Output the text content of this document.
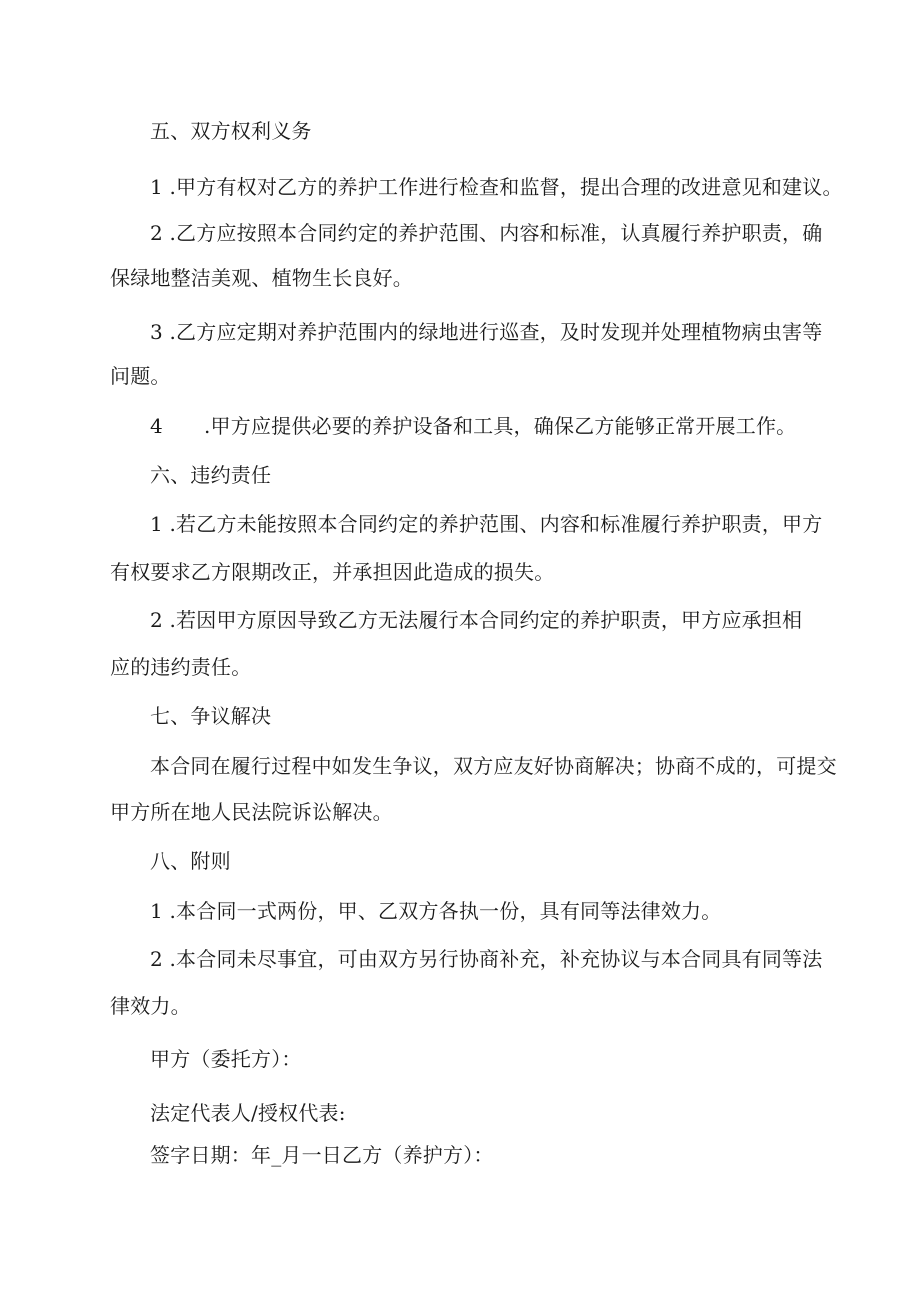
五、双方权利义务
1 .甲方有权对乙方的养护工作进行检查和监督，提出合理的改进意见和建议。
2 .乙方应按照本合同约定的养护范围、内容和标准，认真履行养护职责，确
保绿地整洁美观、植物生长良好。
3 .乙方应定期对养护范围内的绿地进行巡查，及时发现并处理植物病虫害等
问题。
4 .甲方应提供必要的养护设备和工具，确保乙方能够正常开展工作。
六、违约责任
1 .若乙方未能按照本合同约定的养护范围、内容和标准履行养护职责，甲方
有权要求乙方限期改正，并承担因此造成的损失。
2 .若因甲方原因导致乙方无法履行本合同约定的养护职责，甲方应承担相
应的违约责任。
七、争议解决
本合同在履行过程中如发生争议，双方应友好协商解决；协商不成的，可提交
甲方所在地人民法院诉讼解决。
八、附则
1 .本合同一式两份，甲、乙双方各执一份，具有同等法律效力。
2 .本合同未尽事宜，可由双方另行协商补充，补充协议与本合同具有同等法
律效力。
甲方（委托方）：
法定代表人/授权代表:
签字日期：年_月一日乙方（养护方）：
